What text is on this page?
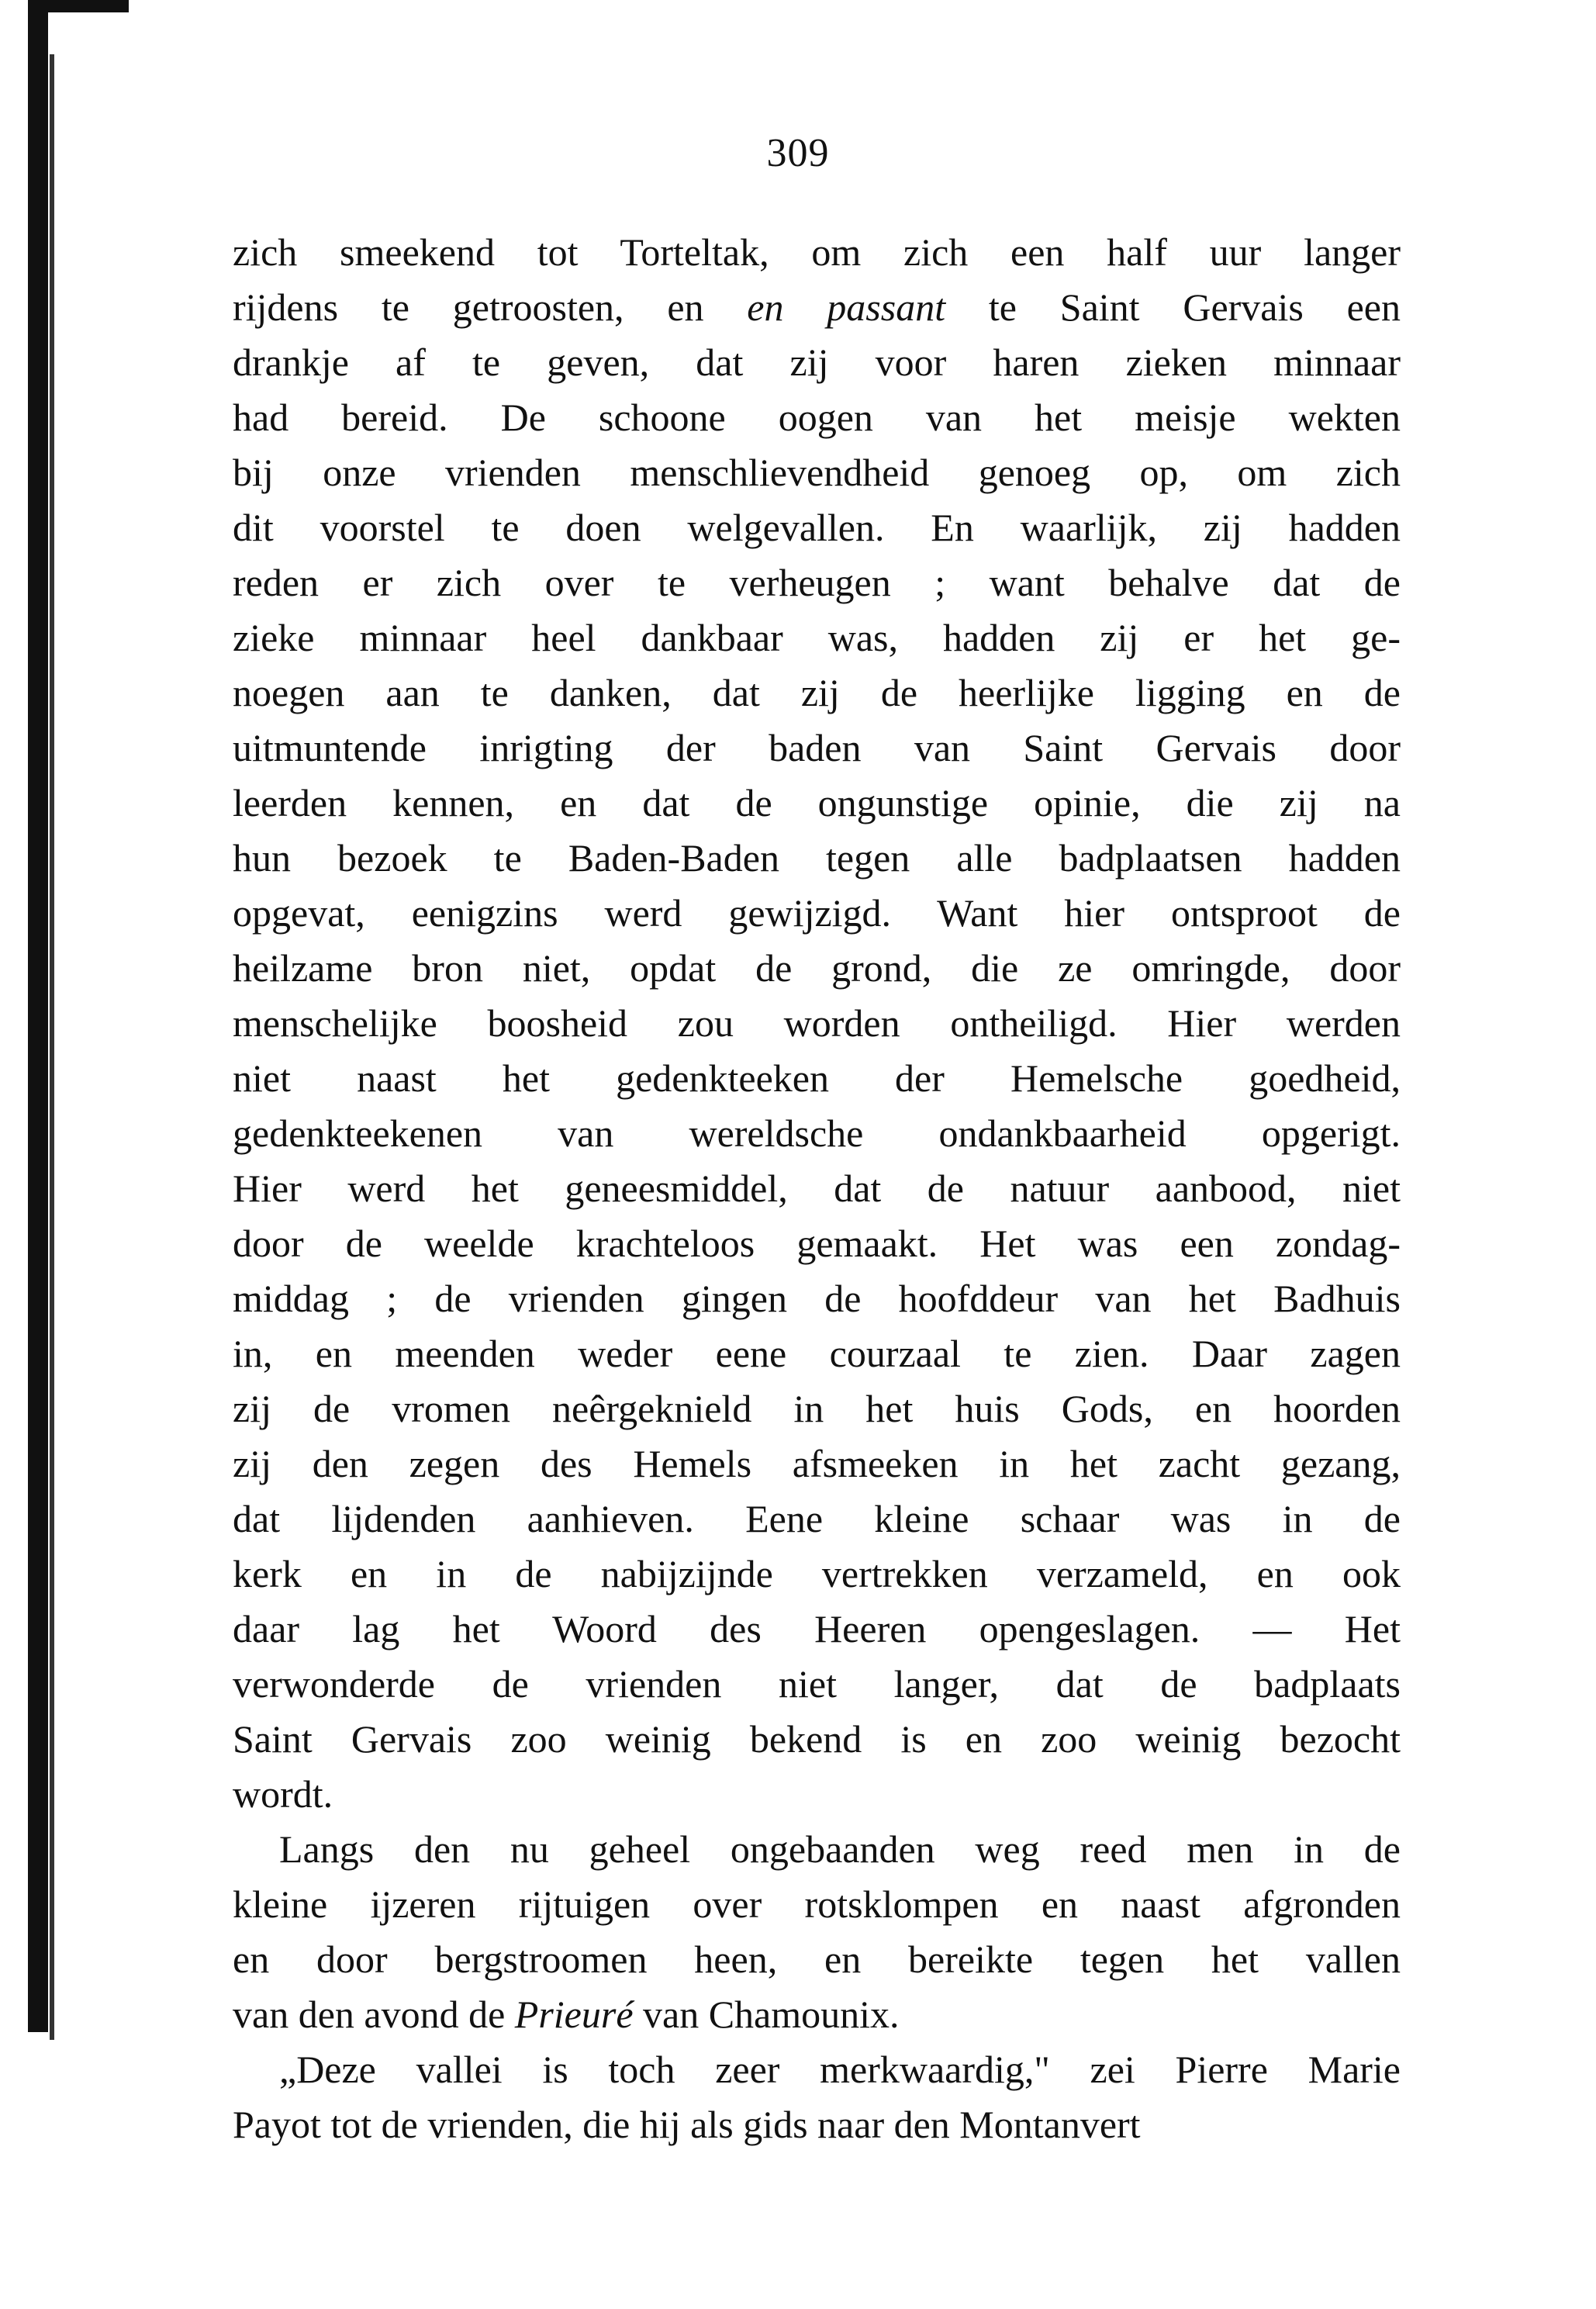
309
zich smeekend tot Torteltak, om zich een half uur langer
rijdens te getroosten, en en passant te Saint Gervais een
drankje af te geven, dat zij voor haren zieken minnaar
had bereid. De schoone oogen van het meisje wekten
bij onze vrienden menschlievendheid genoeg op, om zich
dit voorstel te doen welgevallen. En waarlijk, zij hadden
reden er zich over te verheugen ; want behalve dat de
zieke minnaar heel dankbaar was, hadden zij er het ge-
noegen aan te danken, dat zij de heerlijke ligging en de
uitmuntende inrigting der baden van Saint Gervais door
leerden kennen, en dat de ongunstige opinie, die zij na
hun bezoek te Baden-Baden tegen alle badplaatsen hadden
opgevat, eenigzins werd gewijzigd. Want hier ontsproot de
heilzame bron niet, opdat de grond, die ze omringde, door
menschelijke boosheid zou worden ontheiligd. Hier werden
niet naast het gedenkteeken der Hemelsche goedheid,
gedenkteekenen van wereldsche ondankbaarheid opgerigt.
Hier werd het geneesmiddel, dat de natuur aanbood, niet
door de weelde krachteloos gemaakt. Het was een zondag-
middag ; de vrienden gingen de hoofddeur van het Badhuis
in, en meenden weder eene courzaal te zien. Daar zagen
zij de vromen neêrgeknield in het huis Gods, en hoorden
zij den zegen des Hemels afsmeeken in het zacht gezang,
dat lijdenden aanhieven. Eene kleine schaar was in de
kerk en in de nabijzijnde vertrekken verzameld, en ook
daar lag het Woord des Heeren opengeslagen. — Het
verwonderde de vrienden niet langer, dat de badplaats
Saint Gervais zoo weinig bekend is en zoo weinig bezocht
wordt.
Langs den nu geheel ongebaanden weg reed men in de
kleine ijzeren rijtuigen over rotsklompen en naast afgronden
en door bergstroomen heen, en bereikte tegen het vallen
van den avond de Prieuré van Chamounix.
„Deze vallei is toch zeer merkwaardig," zei Pierre Marie
Payot tot de vrienden, die hij als gids naar den Montanvert
